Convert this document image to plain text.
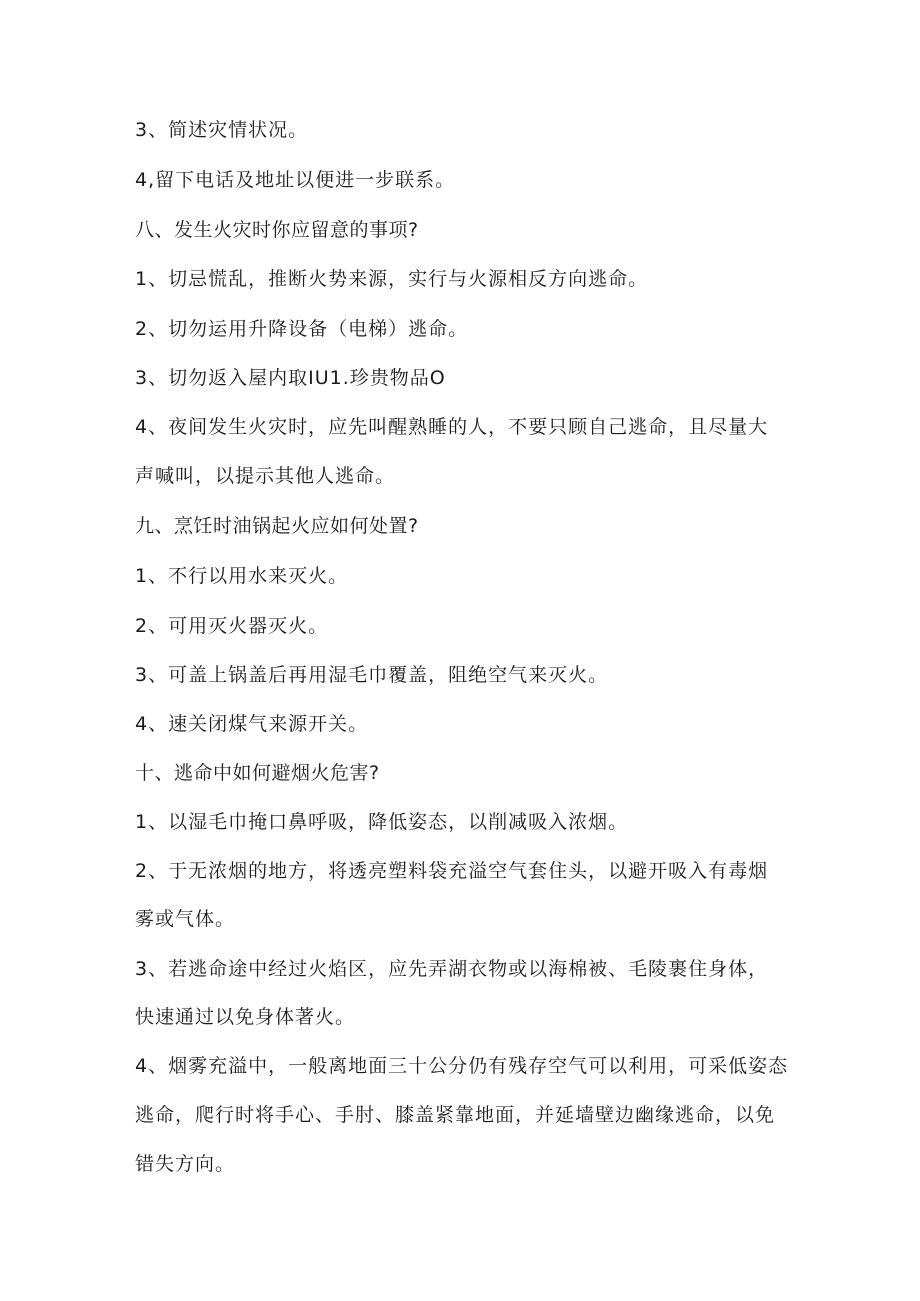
3、简述灾情状况。
4,留下电话及地址以便进一步联系。
八、发生火灾时你应留意的事项?
1、切忌慌乱，推断火势来源，实行与火源相反方向逃命。
2、切勿运用升降设备（电梯）逃命。
3、切勿返入屋内取IU1.珍贵物品O
4、夜间发生火灾时，应先叫醒熟睡的人，不要只顾自己逃命，且尽量大
声喊叫，以提示其他人逃命。
九、烹饪时油锅起火应如何处置?
1、不行以用水来灭火。
2、可用灭火器灭火。
3、可盖上锅盖后再用湿毛巾覆盖，阻绝空气来灭火。
4、速关闭煤气来源开关。
十、逃命中如何避烟火危害?
1、以湿毛巾掩口鼻呼吸，降低姿态，以削减吸入浓烟。
2、于无浓烟的地方，将透亮塑料袋充溢空气套住头，以避开吸入有毒烟
雾或气体。
3、若逃命途中经过火焰区，应先弄湖衣物或以海棉被、毛陵裹住身体，
快速通过以免身体著火。
4、烟雾充溢中，一般离地面三十公分仍有残存空气可以利用，可采低姿态
逃命，爬行时将手心、手肘、膝盖紧靠地面，并延墙壁边幽缘逃命，以免
错失方向。
